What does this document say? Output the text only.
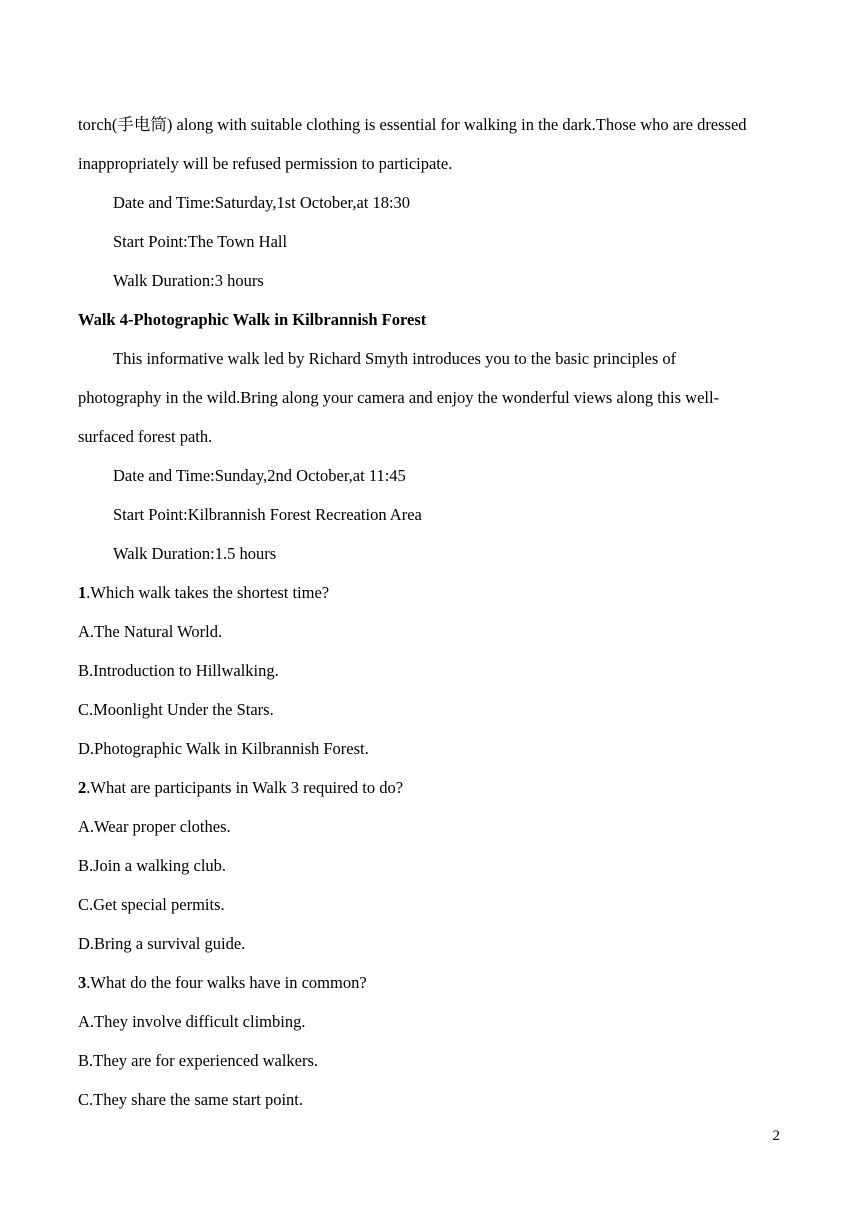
torch(手电筒) along with suitable clothing is essential for walking in the dark.Those who are dressed
inappropriately will be refused permission to participate.
Date and Time:Saturday,1st October,at 18:30
Start Point:The Town Hall
Walk Duration:3 hours
Walk 4-Photographic Walk in Kilbrannish Forest
This informative walk led by Richard Smyth introduces you to the basic principles of
photography in the wild.Bring along your camera and enjoy the wonderful views along this well-
surfaced forest path.
Date and Time:Sunday,2nd October,at 11:45
Start Point:Kilbrannish Forest Recreation Area
Walk Duration:1.5 hours
1.Which walk takes the shortest time?
A.The Natural World.
B.Introduction to Hillwalking.
C.Moonlight Under the Stars.
D.Photographic Walk in Kilbrannish Forest.
2.What are participants in Walk 3 required to do?
A.Wear proper clothes.
B.Join a walking club.
C.Get special permits.
D.Bring a survival guide.
3.What do the four walks have in common?
A.They involve difficult climbing.
B.They are for experienced walkers.
C.They share the same start point.
2
